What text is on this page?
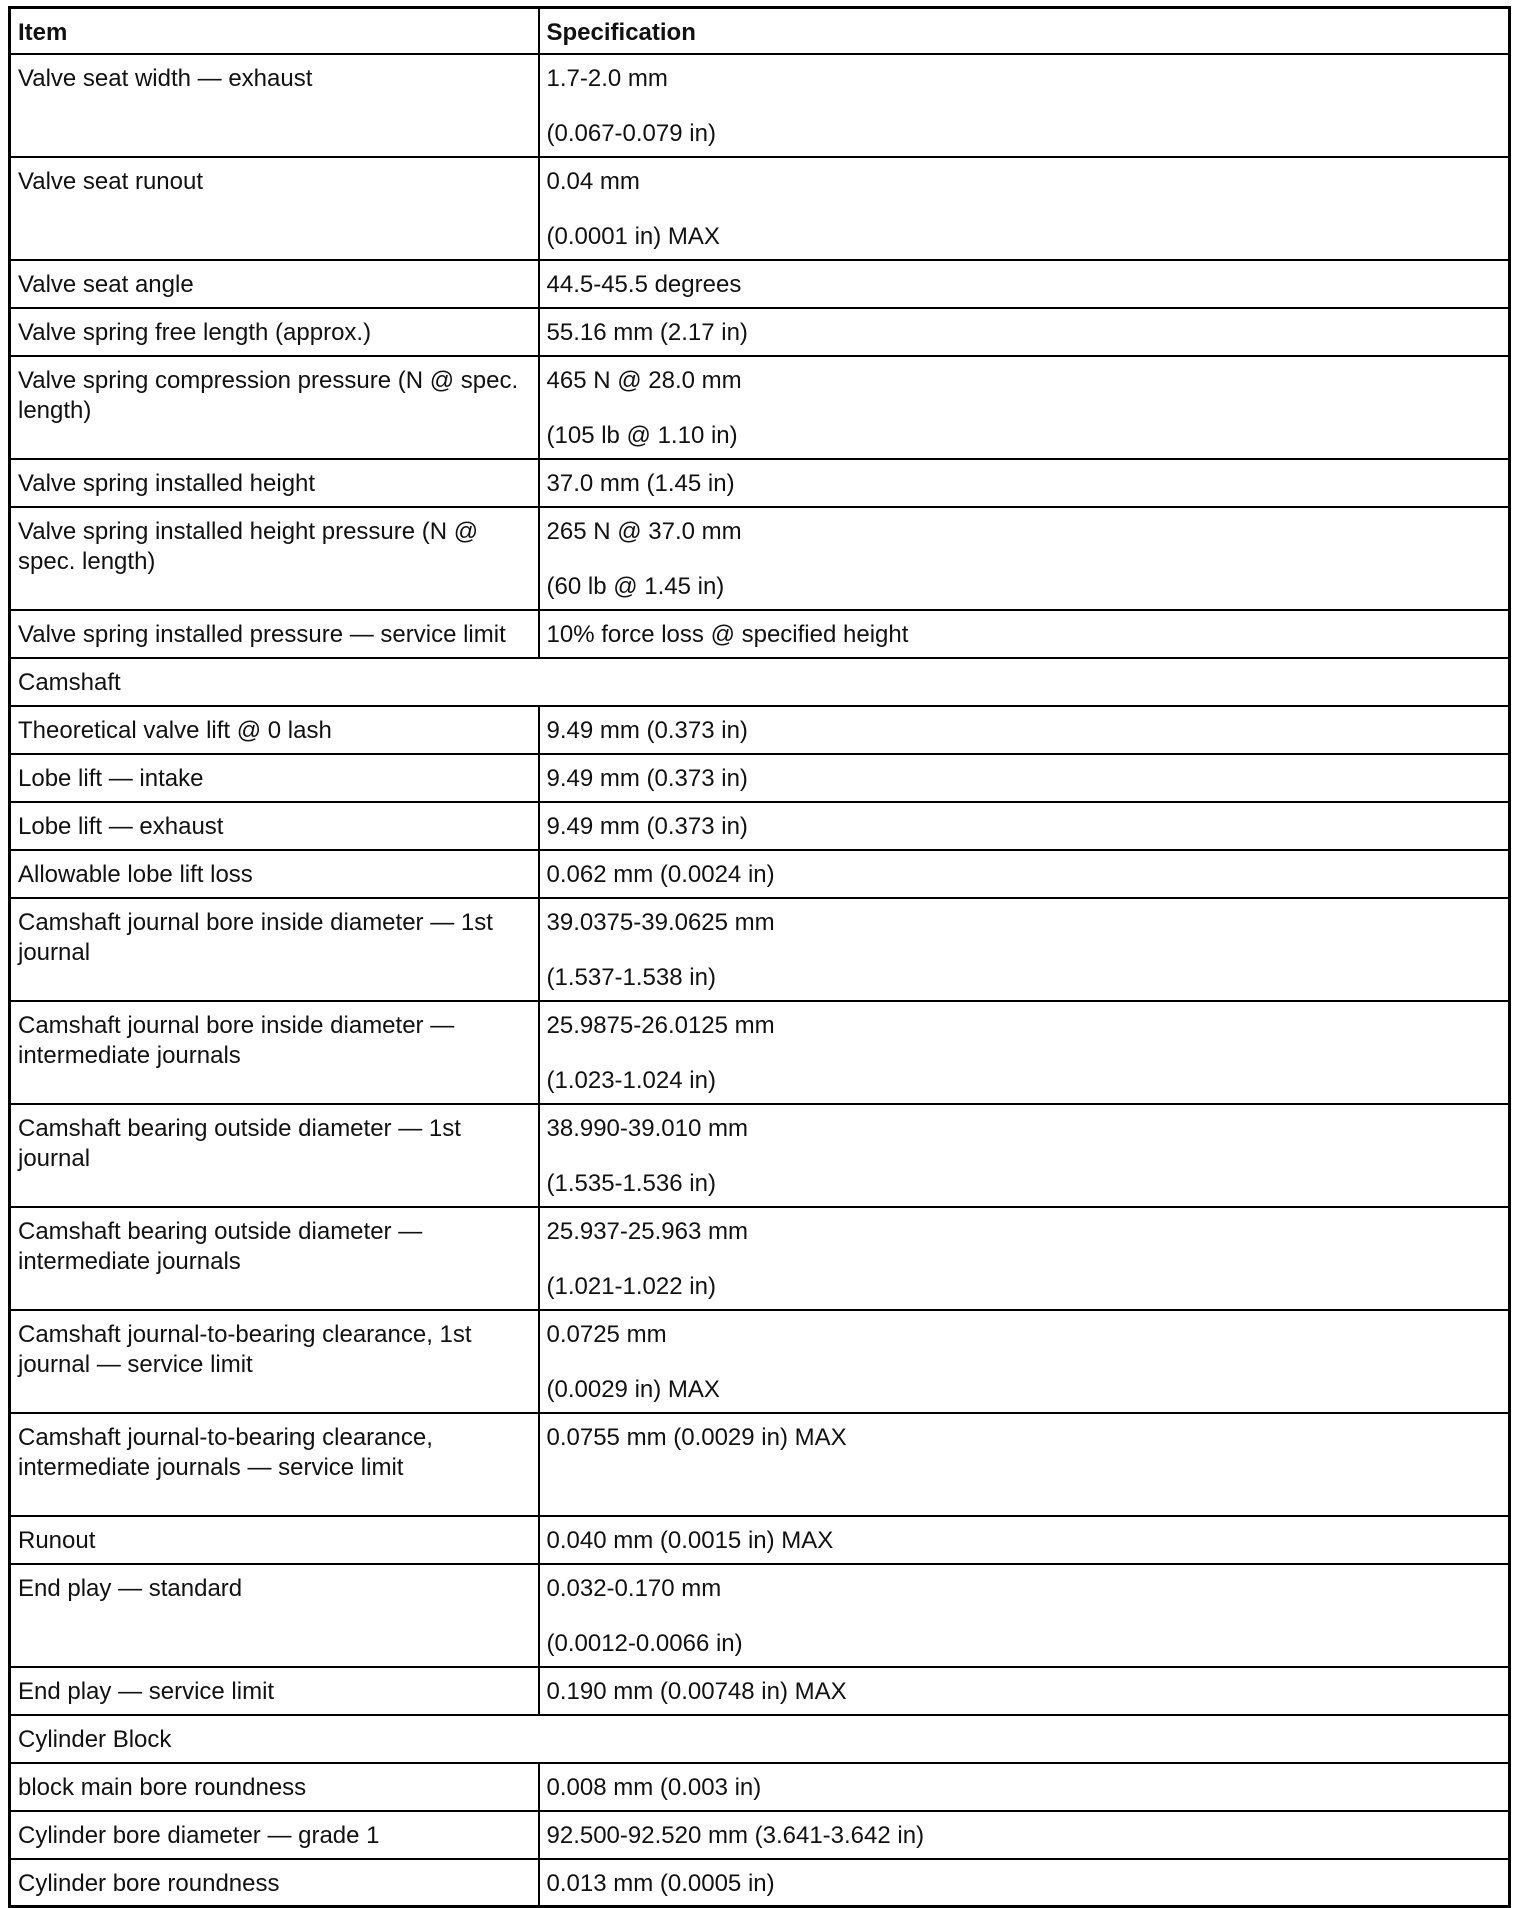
Item	Specification
Valve seat width — exhaust	1.7-2.0 mm
(0.067-0.079 in)

Valve seat runout	0.04 mm
(0.0001 in) MAX

Valve seat angle	44.5-45.5 degrees

Valve spring free length (approx.)	55.16 mm (2.17 in)

Valve spring compression pressure (N @ spec. length)	465 N @ 28.0 mm
(105 lb @ 1.10 in)

Valve spring installed height	37.0 mm (1.45 in)

Valve spring installed height pressure (N @ spec. length)	265 N @ 37.0 mm
(60 lb @ 1.45 in)

Valve spring installed pressure — service limit	10% force loss @ specified height

Camshaft	
Theoretical valve lift @ 0 lash	9.49 mm (0.373 in)

Lobe lift — intake	9.49 mm (0.373 in)

Lobe lift — exhaust	9.49 mm (0.373 in)

Allowable lobe lift loss	0.062 mm (0.0024 in)

Camshaft journal bore inside diameter — 1st journal	39.0375-39.0625 mm
(1.537-1.538 in)

Camshaft journal bore inside diameter — intermediate journals	25.9875-26.0125 mm
(1.023-1.024 in)

Camshaft bearing outside diameter — 1st journal	38.990-39.010 mm
(1.535-1.536 in)

Camshaft bearing outside diameter — intermediate journals	25.937-25.963 mm
(1.021-1.022 in)

Camshaft journal-to-bearing clearance, 1st journal — service limit	0.0725 mm
(0.0029 in) MAX

Camshaft journal-to-bearing clearance, intermediate journals — service limit	0.0755 mm (0.0029 in) MAX

Runout	0.040 mm (0.0015 in) MAX

End play — standard	0.032-0.170 mm
(0.0012-0.0066 in)

End play — service limit	0.190 mm (0.00748 in) MAX

Cylinder Block	
block main bore roundness	0.008 mm (0.003 in)

Cylinder bore diameter — grade 1	92.500-92.520 mm (3.641-3.642 in)

Cylinder bore roundness	0.013 mm (0.0005 in)
